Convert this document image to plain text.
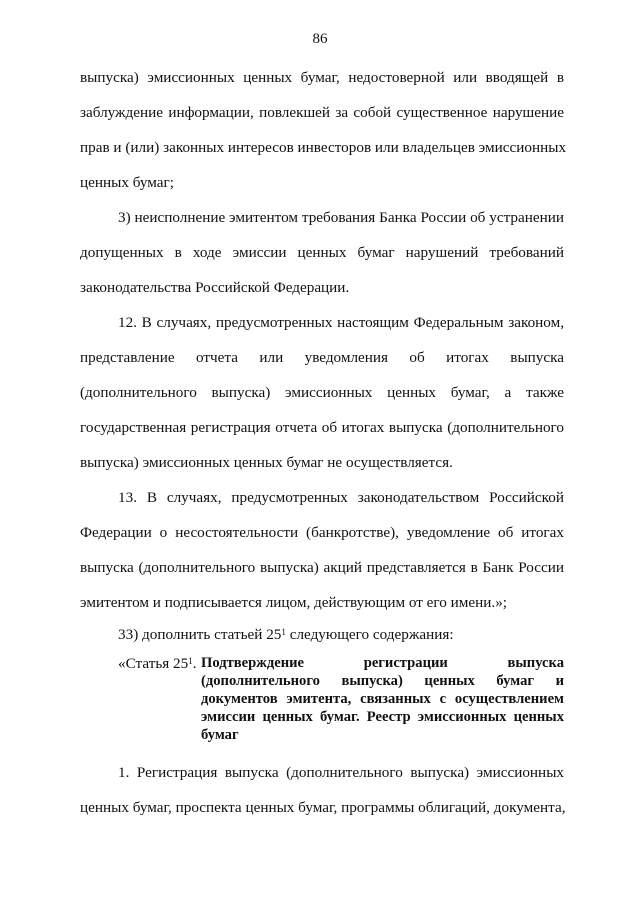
86
выпуска) эмиссионных ценных бумаг, недостоверной или вводящей в
заблуждение информации, повлекшей за собой существенное нарушение
прав и (или) законных интересов инвесторов или владельцев эмиссионных
ценных бумаг;
3) неисполнение эмитентом требования Банка России об устранении
допущенных в ходе эмиссии ценных бумаг нарушений требований
законодательства Российской Федерации.
12. В случаях, предусмотренных настоящим Федеральным законом,
представление отчета или уведомления об итогах выпуска
(дополнительного выпуска) эмиссионных ценных бумаг, а также
государственная регистрация отчета об итогах выпуска (дополнительного
выпуска) эмиссионных ценных бумаг не осуществляется.
13. В случаях, предусмотренных законодательством Российской
Федерации о несостоятельности (банкротстве), уведомление об итогах
выпуска (дополнительного выпуска) акций представляется в Банк России
эмитентом и подписывается лицом, действующим от его имени.»;
33) дополнить статьей $25^1$ следующего содержания:
«Статья $25^1$. Подтверждение регистрации выпуска
(дополнительного выпуска) ценных бумаг и
документов эмитента, связанных с осуществлением
эмиссии ценных бумаг. Реестр эмиссионных ценных
бумаг
1. Регистрация выпуска (дополнительного выпуска) эмиссионных
ценных бумаг, проспекта ценных бумаг, программы облигаций, документа,
